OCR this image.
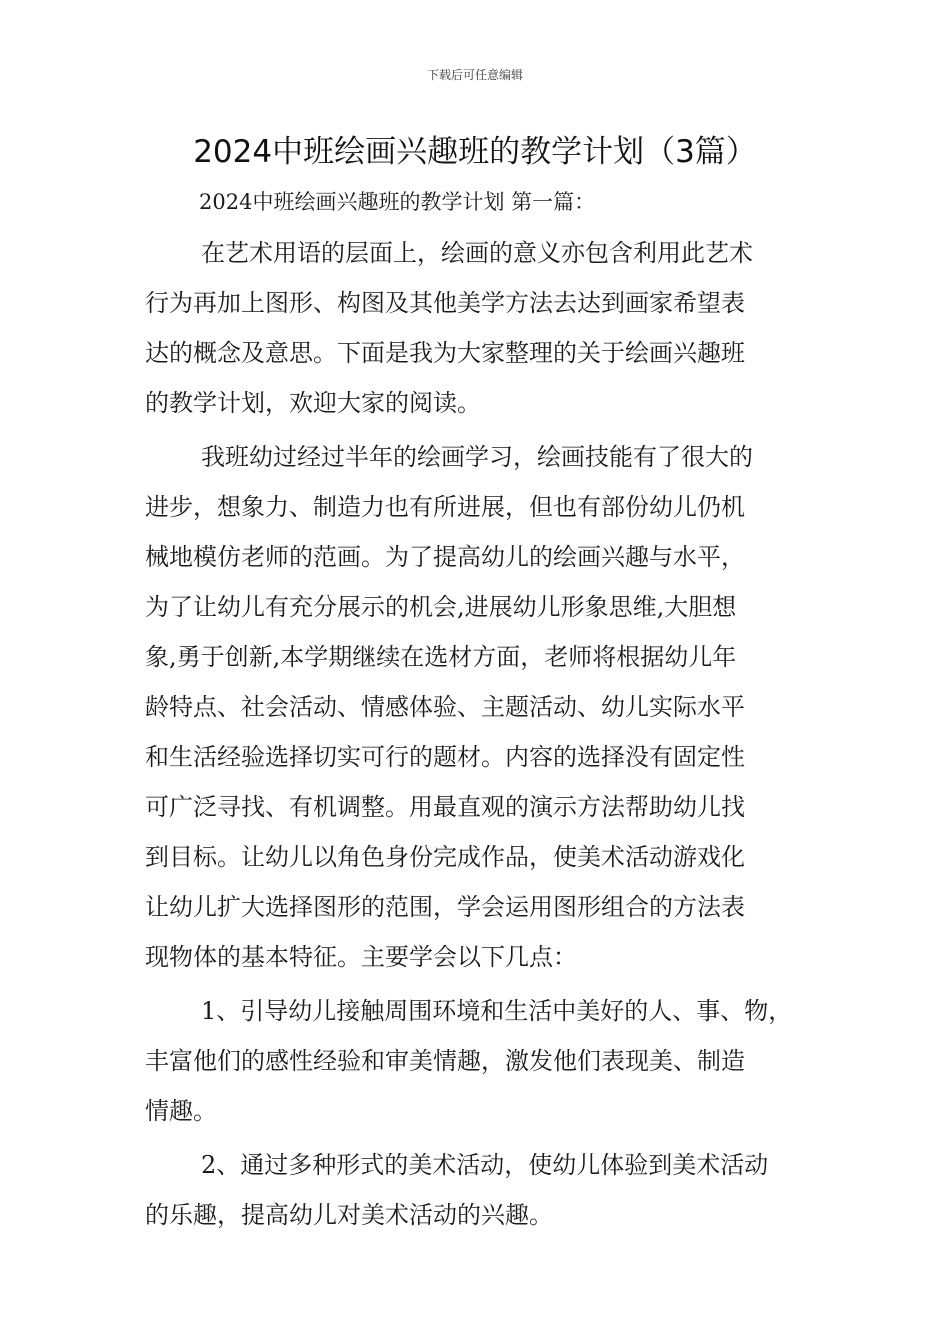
下载后可任意编辑
2024中班绘画兴趣班的教学计划（3篇）
2024中班绘画兴趣班的教学计划 第一篇：
在艺术用语的层面上，绘画的意义亦包含利用此艺术
行为再加上图形、构图及其他美学方法去达到画家希望表
达的概念及意思。下面是我为大家整理的关于绘画兴趣班
的教学计划，欢迎大家的阅读。
我班幼过经过半年的绘画学习，绘画技能有了很大的
进步，想象力、制造力也有所进展，但也有部份幼儿仍机
械地模仿老师的范画。为了提高幼儿的绘画兴趣与水平，
为了让幼儿有充分展示的机会,进展幼儿形象思维,大胆想
象,勇于创新,本学期继续在选材方面，老师将根据幼儿年
龄特点、社会活动、情感体验、主题活动、幼儿实际水平
和生活经验选择切实可行的题材。内容的选择没有固定性
可广泛寻找、有机调整。用最直观的演示方法帮助幼儿找
到目标。让幼儿以角色身份完成作品，使美术活动游戏化
让幼儿扩大选择图形的范围，学会运用图形组合的方法表
现物体的基本特征。主要学会以下几点：
1、引导幼儿接触周围环境和生活中美好的人、事、物，
丰富他们的感性经验和审美情趣，激发他们表现美、制造
情趣。
2、通过多种形式的美术活动，使幼儿体验到美术活动
的乐趣，提高幼儿对美术活动的兴趣。
